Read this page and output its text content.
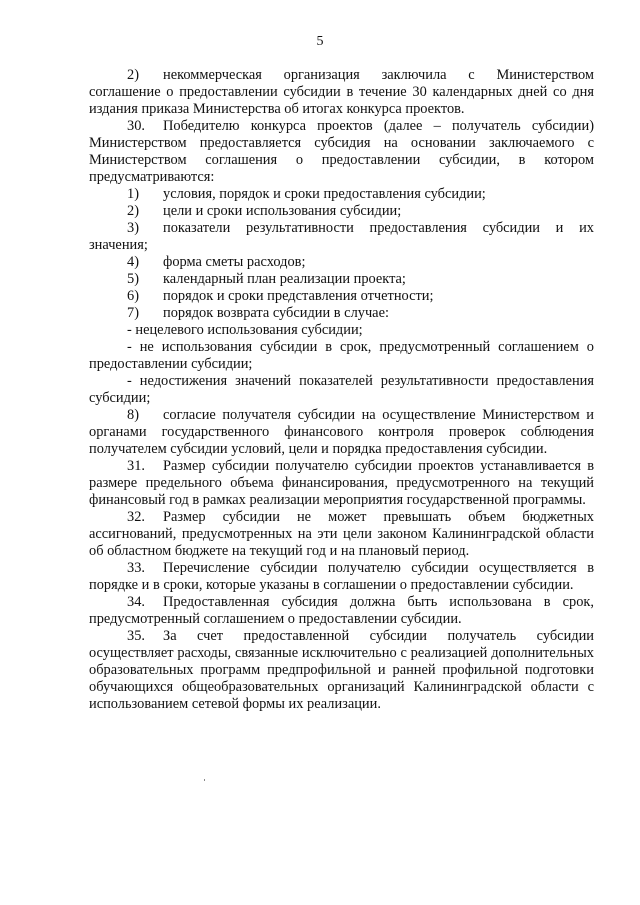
5

2) некоммерческая организация заключила с Министерством соглашение о предоставлении субсидии в течение 30 календарных дней со дня издания приказа Министерства об итогах конкурса проектов.

30. Победителю конкурса проектов (далее – получатель субсидии) Министерством предоставляется субсидия на основании заключаемого с Министерством соглашения о предоставлении субсидии, в котором предусматриваются:

1) условия, порядок и сроки предоставления субсидии;

2) цели и сроки использования субсидии;

3) показатели результативности предоставления субсидии и их значения;

4) форма сметы расходов;

5) календарный план реализации проекта;

6) порядок и сроки представления отчетности;

7) порядок возврата субсидии в случае:

- нецелевого использования субсидии;

- не использования субсидии в срок, предусмотренный соглашением о предоставлении субсидии;

- недостижения значений показателей результативности предоставления субсидии;

8) согласие получателя субсидии на осуществление Министерством и органами государственного финансового контроля проверок соблюдения получателем субсидии условий, цели и порядка предоставления субсидии.

31. Размер субсидии получателю субсидии проектов устанавливается в размере предельного объема финансирования, предусмотренного на текущий финансовый год в рамках реализации мероприятия государственной программы.

32. Размер субсидии не может превышать объем бюджетных ассигнований, предусмотренных на эти цели законом Калининградской области об областном бюджете на текущий год и на плановый период.

33. Перечисление субсидии получателю субсидии осуществляется в порядке и в сроки, которые указаны в соглашении о предоставлении субсидии.

34. Предоставленная субсидия должна быть использована в срок, предусмотренный соглашением о предоставлении субсидии.

35. За счет предоставленной субсидии получатель субсидии осуществляет расходы, связанные исключительно с реализацией дополнительных образовательных программ предпрофильной и ранней профильной подготовки обучающихся общеобразовательных организаций Калининградской области с использованием сетевой формы их реализации.
